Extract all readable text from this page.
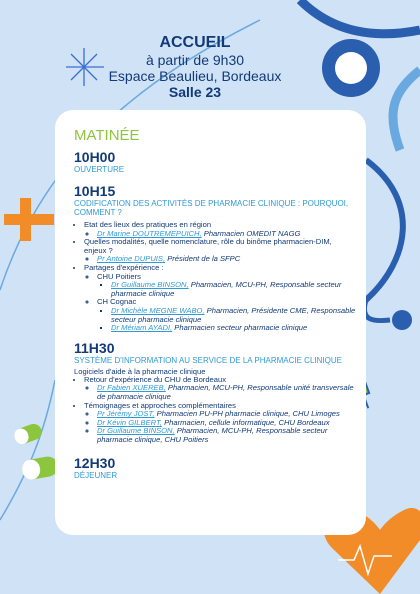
ACCUEIL
à partir de 9h30
Espace Beaulieu, Bordeaux
Salle 23
MATINÉE
10H00
OUVERTURE
10H15
CODIFICATION DES ACTIVITÉS DE PHARMACIE CLINIQUE : POURQUOI, COMMENT ?
• Etat des lieux des pratiques en région
◦ Dr Marine DOUTREMEPUICH, Pharmacien OMEDIT NAGG
• Quelles modalités, quelle nomenclature, rôle du binôme pharmacien-DIM, enjeux ?
◦ Pr Antoine DUPUIS, Président de la SFPC
• Partages d'expérience :
◦ CHU Poitiers
▪ Dr Guillaume BINSON, Pharmacien, MCU-PH, Responsable secteur pharmacie clinique
◦ CH Cognac
▪ Dr Michèle MEGNE WABO, Pharmacien, Présidente CME, Responsable secteur pharmacie clinique
▪ Dr Mériam AYADI, Pharmacien secteur pharmacie clinique
11H30
SYSTÈME D'INFORMATION AU SERVICE DE LA PHARMACIE CLINIQUE
Logiciels d'aide à la pharmacie clinique
• Retour d'expérience du CHU de Bordeaux
◦ Dr Fabien XUEREB, Pharmacien, MCU-PH, Responsable unité transversale de pharmacie clinique
• Témoignages et approches complémentaires
◦ Pr Jérémy JOST, Pharmacien PU-PH pharmacie clinique, CHU Limoges
◦ Dr Kévin GILBERT, Pharmacien, cellule informatique, CHU Bordeaux
◦ Dr Guillaume BINSON, Pharmacien, MCU-PH, Responsable secteur pharmacie clinique, CHU Poitiers
12H30
DÉJEUNER
